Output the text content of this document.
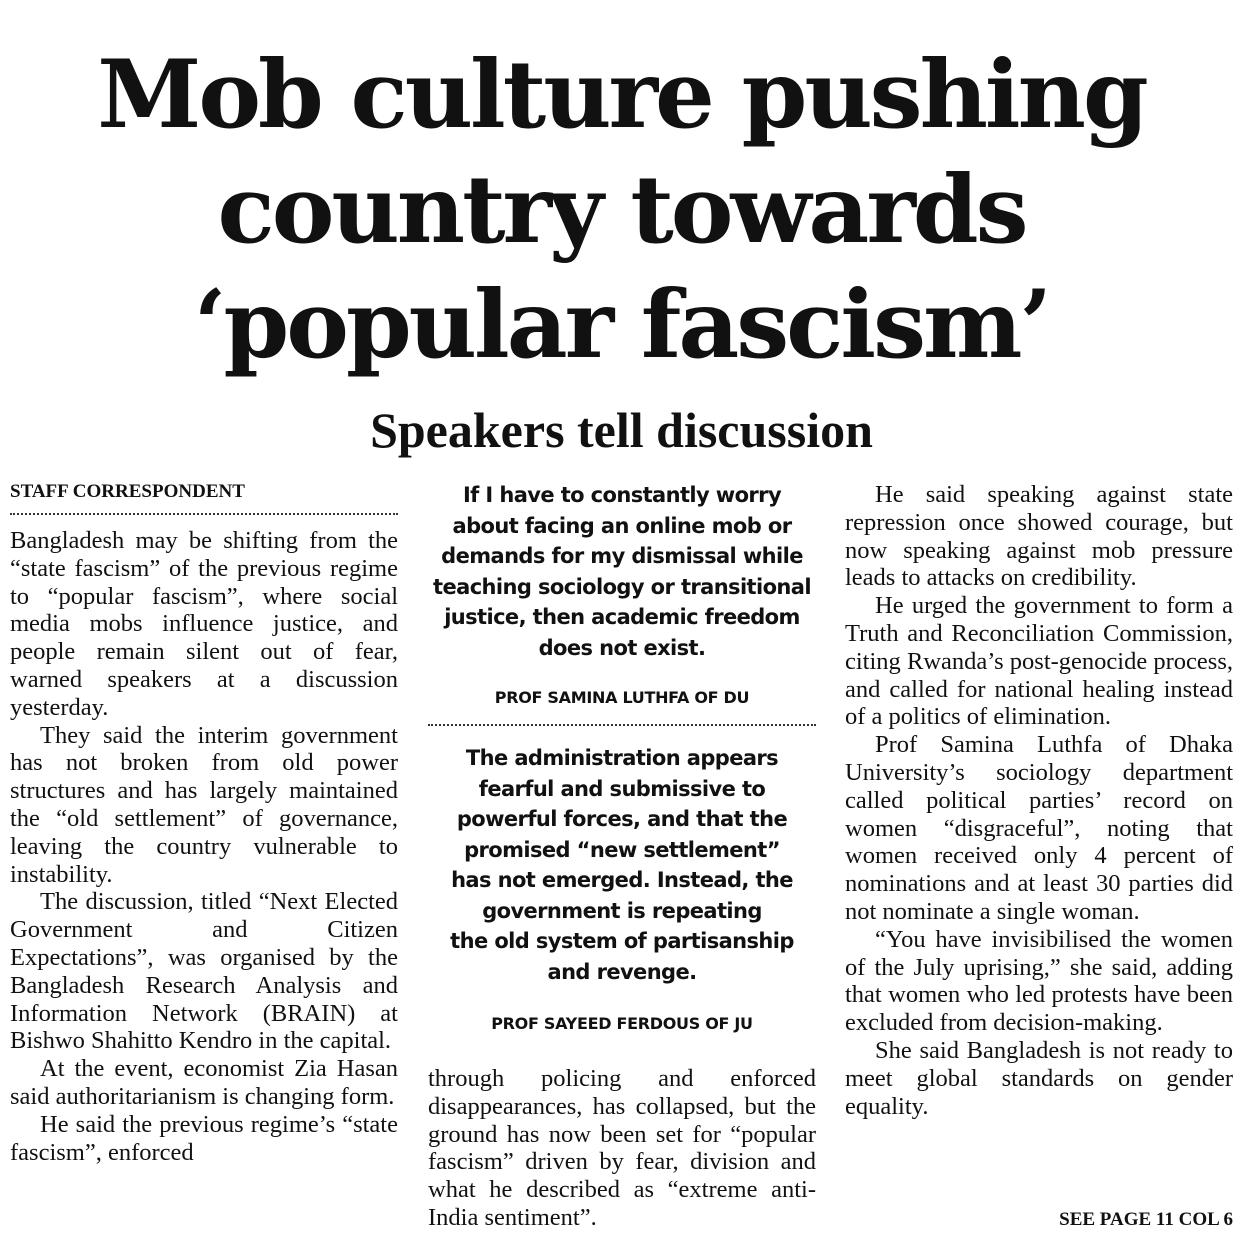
Mob culture pushing
country towards
‘popular fascism’
Speakers tell discussion
STAFF CORRESPONDENT

Bangladesh may be shifting from the “state fascism” of the previous regime to “popular fascism”, where social media mobs influence justice, and people remain silent out of fear, warned speakers at a discussion yesterday.

They said the interim government has not broken from old power structures and has largely maintained the “old settlement” of governance, leaving the country vulnerable to instability.

The discussion, titled “Next Elected Government and Citizen Expectations”, was organised by the Bangladesh Research Analysis and Information Network (BRAIN) at Bishwo Shahitto Kendro in the capital.

At the event, economist Zia Hasan said authoritarianism is changing form.

He said the previous regime’s “state fascism”, enforced

If I have to constantly worry
about facing an online mob or
demands for my dismissal while
teaching sociology or transitional
justice, then academic freedom
does not exist.
PROF SAMINA LUTHFA OF DU
The administration appears
fearful and submissive to
powerful forces, and that the
promised “new settlement”
has not emerged. Instead, the
government is repeating
the old system of partisanship
and revenge.
PROF SAYEED FERDOUS OF JU
through policing and enforced disappearances, has collapsed, but the ground has now been set for “popular fascism” driven by fear, division and what he described as “extreme anti-India sentiment”.

He said speaking against state repression once showed courage, but now speaking against mob pressure leads to attacks on credibility.

He urged the government to form a Truth and Reconciliation Commission, citing Rwanda’s post-genocide process, and called for national healing instead of a politics of elimination.

Prof Samina Luthfa of Dhaka University’s sociology department called political parties’ record on women “disgraceful”, noting that women received only 4 percent of nominations and at least 30 parties did not nominate a single woman.

“You have invisibilised the women of the July uprising,” she said, adding that women who led protests have been excluded from decision-making.

She said Bangladesh is not ready to meet global standards on gender equality.

SEE PAGE 11 COL 6
